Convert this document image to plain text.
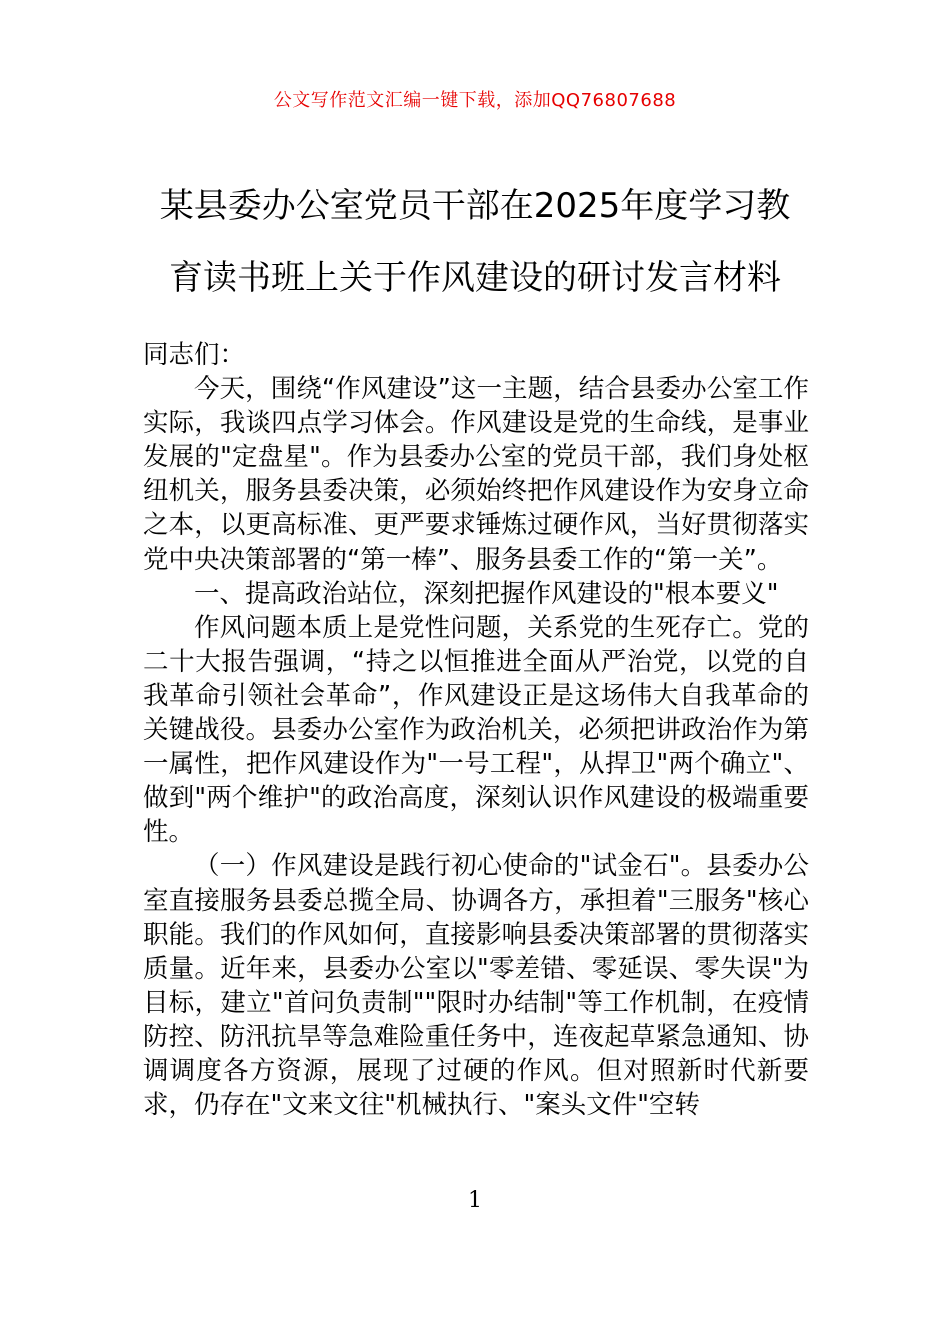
公文写作范文汇编一键下载，添加QQ76807688
某县委办公室党员干部在2025年度学习教
育读书班上关于作风建设的研讨发言材料

同志们：

今天，围绕“作风建设”这一主题，结合县委办公室工作实际，我谈四点学习体会。作风建设是党的生命线，是事业发展的"定盘星"。作为县委办公室的党员干部，我们身处枢纽机关，服务县委决策，必须始终把作风建设作为安身立命之本，以更高标准、更严要求锤炼过硬作风，当好贯彻落实党中央决策部署的“第一棒”、服务县委工作的“第一关”。

一、提高政治站位，深刻把握作风建设的"根本要义"

作风问题本质上是党性问题，关系党的生死存亡。党的二十大报告强调，“持之以恒推进全面从严治党，以党的自我革命引领社会革命”，作风建设正是这场伟大自我革命的关键战役。县委办公室作为政治机关，必须把讲政治作为第一属性，把作风建设作为"一号工程"，从捍卫"两个确立"、做到"两个维护"的政治高度，深刻认识作风建设的极端重要性。

（一）作风建设是践行初心使命的"试金石"。县委办公室直接服务县委总揽全局、协调各方，承担着"三服务"核心职能。我们的作风如何，直接影响县委决策部署的贯彻落实质量。近年来，县委办公室以"零差错、零延误、零失误"为目标，建立"首问负责制""限时办结制"等工作机制，在疫情防控、防汛抗旱等急难险重任务中，连夜起草紧急通知、协调调度各方资源，展现了过硬的作风。但对照新时代新要求，仍存在"文来文往"机械执行、"案头文件"空转

1
